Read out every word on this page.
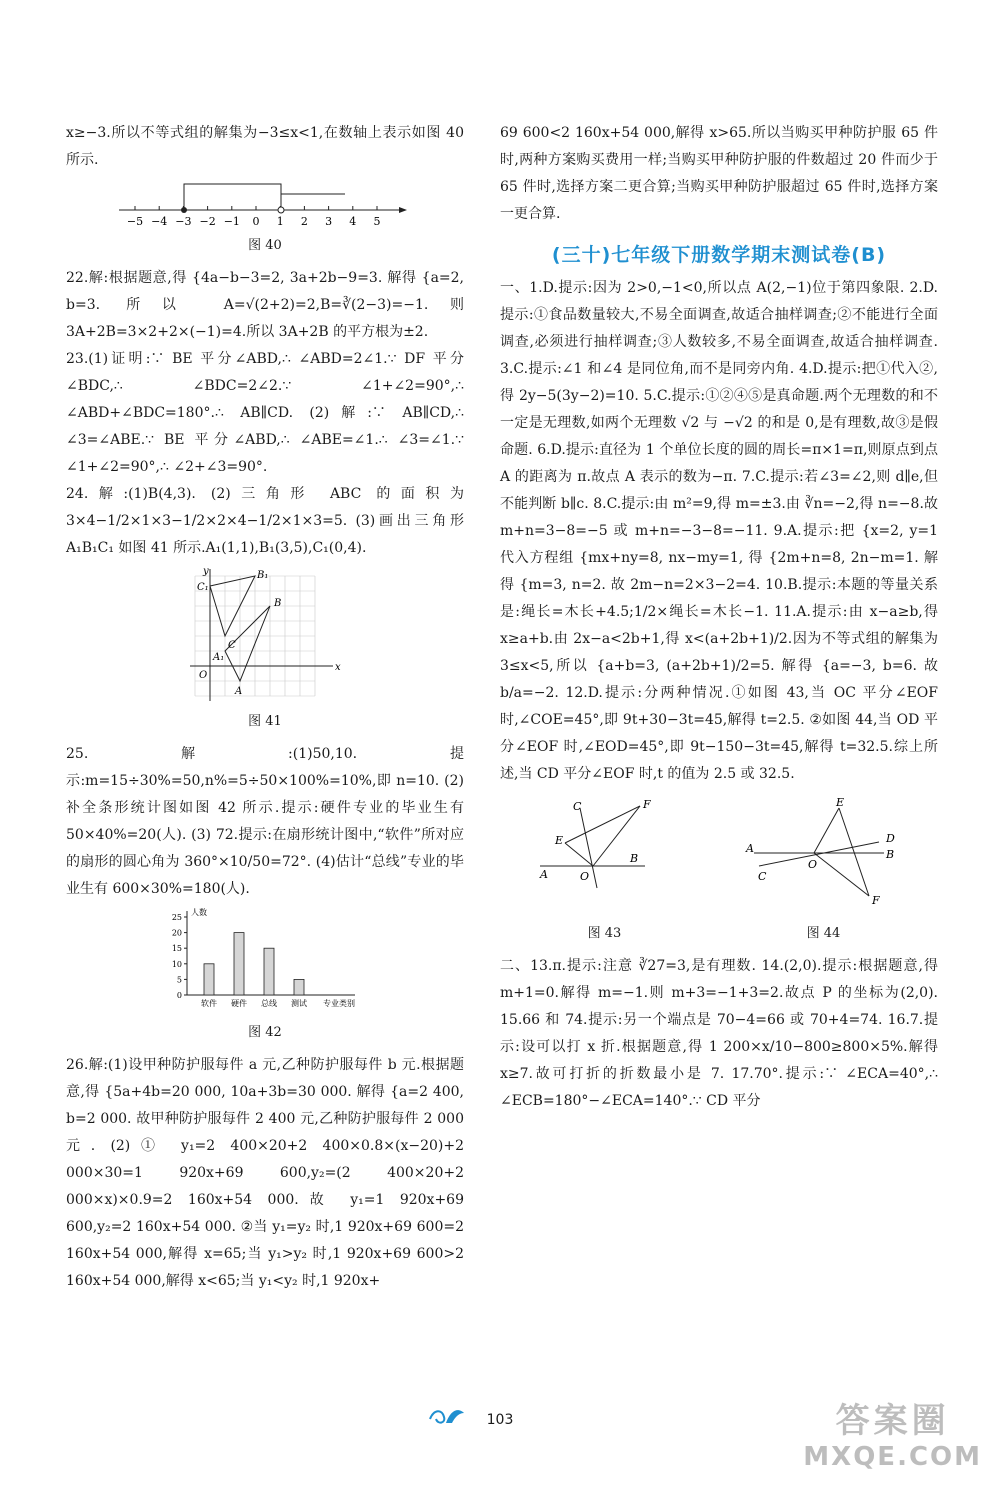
x≥−3.所以不等式组的解集为−3≤x<1,在数轴上表示如图 40 所示.

−5 −4 −3 −2 −1 0 1 2 3 4 5
图 40

22.解:根据题意,得 {4a−b−3=2, 3a+2b−9=3. 解得 {a=2, b=3. 所以 A=√(2+2)=2,B=∛(2−3)=−1.则 3A+2B=3×2+2×(−1)=4.所以 3A+2B 的平方根为±2.

23.(1)证明:∵ BE 平分∠ABD,∴ ∠ABD=2∠1.∵ DF 平分∠BDC,∴ ∠BDC=2∠2.∵ ∠1+∠2=90°,∴ ∠ABD+∠BDC=180°.∴ AB∥CD. (2)解:∵ AB∥CD,∴ ∠3=∠ABE.∵ BE 平分∠ABD,∴ ∠ABE=∠1.∴ ∠3=∠1.∵ ∠1+∠2=90°,∴ ∠2+∠3=90°.

24.解:(1)B(4,3). (2)三角形 ABC 的面积为 3×4−1/2×1×3−1/2×2×4−1/2×1×3=5. (3)画出三角形 A₁B₁C₁ 如图 41 所示.A₁(1,1),B₁(3,5),C₁(0,4).

y
x
O
A
B
C
A₁
B₁
C₁
图 41

25.解:(1)50,10.提示:m=15÷30%=50,n%=5÷50×100%=10%,即 n=10. (2)补全条形统计图如图 42 所示.提示:硬件专业的毕业生有 50×40%=20(人). (3) 72.提示:在扇形统计图中,“软件”所对应的扇形的圆心角为 360°×10/50=72°. (4)估计“总线”专业的毕业生有 600×30%=180(人).

0
5
10
15
20
25
人数
软件 硬件 总线 测试 专业类别
图 42

26.解:(1)设甲种防护服每件 a 元,乙种防护服每件 b 元.根据题意,得 {5a+4b=20 000, 10a+3b=30 000. 解得 {a=2 400, b=2 000. 故甲种防护服每件 2 400 元,乙种防护服每件 2 000 元. (2)① y₁=2 400×20+2 400×0.8×(x−20)+2 000×30=1 920x+69 600,y₂=(2 400×20+2 000×x)×0.9=2 160x+54 000.故 y₁=1 920x+69 600,y₂=2 160x+54 000. ②当 y₁=y₂ 时,1 920x+69 600=2 160x+54 000,解得 x=65;当 y₁>y₂ 时,1 920x+69 600>2 160x+54 000,解得 x<65;当 y₁<y₂ 时,1 920x+

69 600<2 160x+54 000,解得 x>65.所以当购买甲种防护服 65 件时,两种方案购买费用一样;当购买甲种防护服的件数超过 20 件而少于 65 件时,选择方案二更合算;当购买甲种防护服超过 65 件时,选择方案一更合算.

(三十)七年级下册数学期末测试卷(B)

一、1.D.提示:因为 2>0,−1<0,所以点 A(2,−1)位于第四象限. 2.D.提示:①食品数量较大,不易全面调查,故适合抽样调查;②不能进行全面调查,必须进行抽样调查;③人数较多,不易全面调查,故适合抽样调查. 3.C.提示:∠1 和∠4 是同位角,而不是同旁内角. 4.D.提示:把①代入②,得 2y−5(3y−2)=10. 5.C.提示:①②④⑤是真命题.两个无理数的和不一定是无理数,如两个无理数 √2 与 −√2 的和是 0,是有理数,故③是假命题. 6.D.提示:直径为 1 个单位长度的圆的周长=π×1=π,则原点到点 A 的距离为 π.故点 A 表示的数为−π. 7.C.提示:若∠3=∠2,则 d∥e,但不能判断 b∥c. 8.C.提示:由 m²=9,得 m=±3.由 ∛n=−2,得 n=−8.故 m+n=3−8=−5 或 m+n=−3−8=−11. 9.A.提示:把 {x=2, y=1 代入方程组 {mx+ny=8, nx−my=1, 得 {2m+n=8, 2n−m=1. 解得 {m=3, n=2. 故 2m−n=2×3−2=4. 10.B.提示:本题的等量关系是:绳长=木长+4.5;1/2×绳长=木长−1. 11.A.提示:由 x−a≥b,得 x≥a+b.由 2x−a<2b+1,得 x<(a+2b+1)/2.因为不等式组的解集为 3≤x<5,所以 {a+b=3, (a+2b+1)/2=5. 解得 {a=−3, b=6. 故 b/a=−2. 12.D.提示:分两种情况.①如图 43,当 OC 平分∠EOF 时,∠COE=45°,即 9t+30−3t=45,解得 t=2.5. ②如图 44,当 OD 平分∠EOF 时,∠EOD=45°,即 9t−150−3t=45,解得 t=32.5.综上所述,当 CD 平分∠EOF 时,t 的值为 2.5 或 32.5.

C	F
E
A	O
B
图 43
E
D
A	B
C
O
F
图 44

二、13.π.提示:注意 ∛27=3,是有理数. 14.(2,0).提示:根据题意,得 m+1=0.解得 m=−1.则 m+3=−1+3=2.故点 P 的坐标为(2,0). 15.66 和 74.提示:另一个端点是 70−4=66 或 70+4=74. 16.7.提示:设可以打 x 折.根据题意,得 1 200×x/10−800≥800×5%.解得 x≥7.故可打折的折数最小是 7. 17.70°.提示:∵ ∠ECA=40°,∴ ∠ECB=180°−∠ECA=140°.∵ CD 平分

103	答案圈
MXQE.COM
